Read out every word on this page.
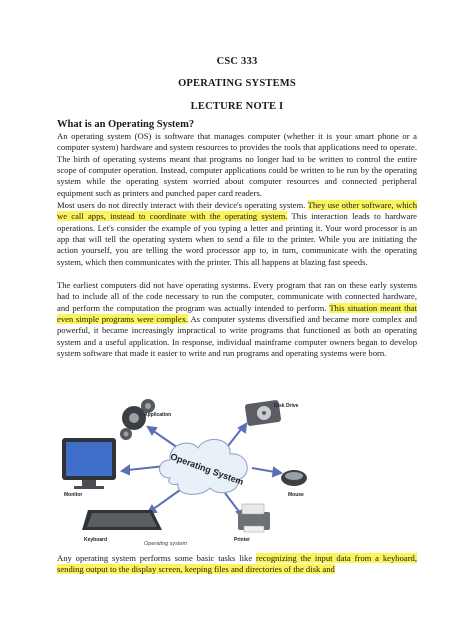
CSC 333
OPERATING SYSTEMS
LECTURE NOTE I
What is an Operating System?
An operating system (OS) is software that manages computer (whether it is your smart phone or a computer system) hardware and system resources to provides the tools that applications need to operate. The birth of operating systems meant that programs no longer had to be written to control the entire scope of computer operation. Instead, computer applications could be written to be run by the operating system while the operating system worried about computer resources and connected peripheral equipment such as printers and punched paper card readers.
Most users do not directly interact with their device's operating system. They use other software, which we call apps, instead to coordinate with the operating system. This interaction leads to hardware operations. Let's consider the example of you typing a letter and printing it. Your word processor is an app that will tell the operating system when to send a file to the printer. While you are initiating the action yourself, you are telling the word processor app to, in turn, communicate with the operating system, which then communicates with the printer. This all happens at blazing fast speeds.
The earliest computers did not have operating systems. Every program that ran on these early systems had to include all of the code necessary to run the computer, communicate with connected hardware, and perform the computation the program was actually intended to perform. This situation meant that even simple programs were complex. As computer systems diversified and became more complex and powerful, it became increasingly impractical to write programs that functioned as both an operating system and a useful application. In response, individual mainframe computer owners began to develop system software that made it easier to write and run programs and operating systems were born.
Operating System
Application
Disk Drive
Monitor	Mouse
Keyboard	Printer
Operating system
Any operating system performs some basic tasks like recognizing the input data from a keyboard, sending output to the display screen, keeping files and directories of the disk and
